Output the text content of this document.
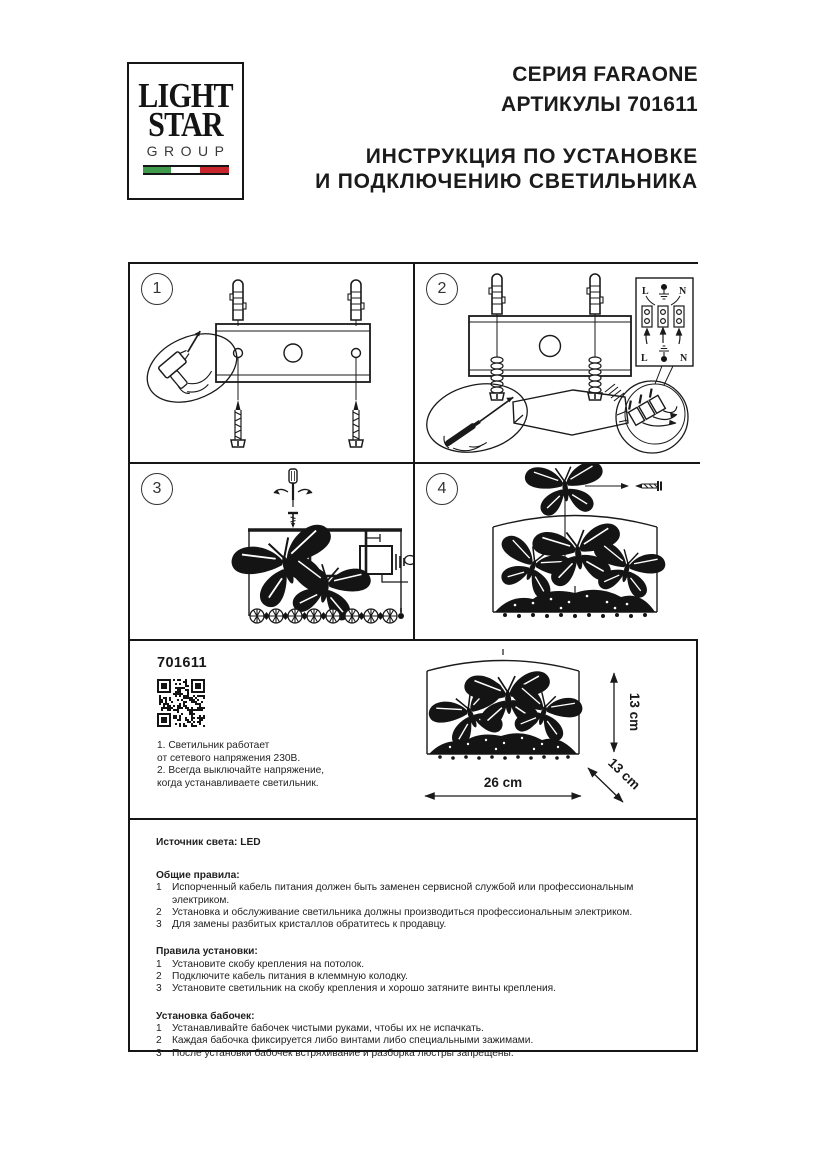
LIGHT
STAR
GROUP
СЕРИЯ FARAONE
АРТИКУЛЫ 701611
ИНСТРУКЦИЯ ПО УСТАНОВКЕ
И ПОДКЛЮЧЕНИЮ СВЕТИЛЬНИКА
1	2	L	N
L	N
3	4
701611
1. Светильник работает
от сетевого напряжения 230В.
2. Всегда выключайте напряжение,
когда устанавливаете светильник.
13 cm
13 cm
26 cm
Источник света: LED
Общие правила:
1	Испорченный кабель питания должен быть заменен сервисной службой или профессиональным электриком.
2	Установка и обслуживание светильника должны производиться профессиональным электриком.
3	Для замены разбитых кристаллов обратитесь к продавцу.
Правила установки:
1	Установите скобу крепления на потолок.
2	Подключите кабель питания в клеммную колодку.
3	Установите светильник на скобу крепления и хорошо затяните винты крепления.
Установка бабочек:
1	Устанавливайте бабочек чистыми руками, чтобы их не испачкать.
2	Каждая бабочка фиксируется либо винтами либо специальными зажимами.
3	После установки бабочек встряхивание и разборка люстры запрещены.
